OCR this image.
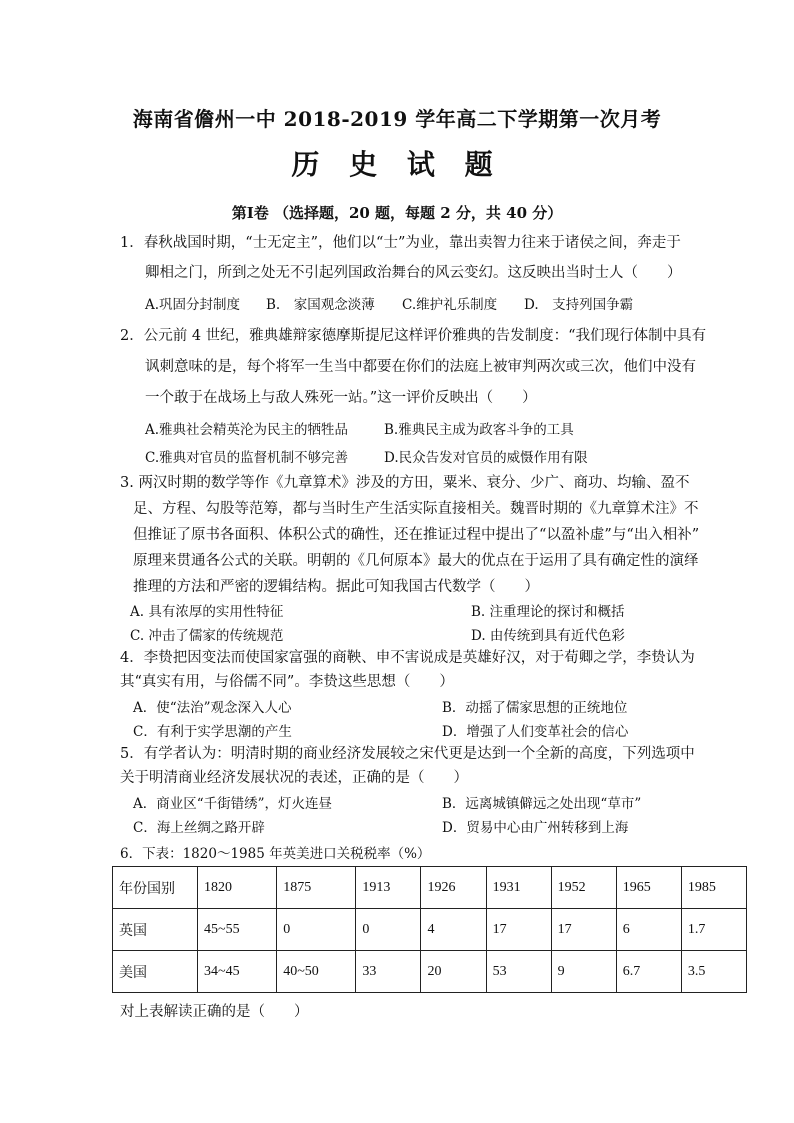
海南省儋州一中 2018-2019 学年高二下学期第一次月考
历 史 试 题
第Ⅰ卷 （选择题，20 题，每题 2 分，共 40 分）
1．春秋战国时期，“士无定主”，他们以“士”为业，靠出卖智力往来于诸侯之间，奔走于
卿相之门，所到之处无不引起列国政治舞台的风云变幻。这反映出当时士人（　　）
A.巩固分封制度 B.　家国观念淡薄 C.维护礼乐制度 D.　支持列国争霸
2．公元前 4 世纪，雅典雄辩家德摩斯提尼这样评价雅典的告发制度：“我们现行体制中具有
讽刺意味的是，每个将军一生当中都要在你们的法庭上被审判两次或三次，他们中没有
一个敢于在战场上与敌人殊死一站。”这一评价反映出（　　）
A.雅典社会精英沦为民主的牺牲品	B.雅典民主成为政客斗争的工具
C.雅典对官员的监督机制不够完善	D.民众告发对官员的威慑作用有限
3. 两汉时期的数学等作《九章算术》涉及的方田，粟米、衰分、少广、商功、均输、盈不
足、方程、勾股等范筹，都与当时生产生活实际直接相关。魏晋时期的《九章算术注》不
但推证了原书各面积、体积公式的确性，还在推证过程中提出了“以盈补虚”与“出入相补”
原理来贯通各公式的关联。明朝的《几何原本》最大的优点在于运用了具有确定性的演绎
推理的方法和严密的逻辑结构。据此可知我国古代数学（　　）
A. 具有浓厚的实用性特征	B. 注重理论的探讨和概括
C. 冲击了儒家的传统规范	D. 由传统到具有近代色彩
4．李贽把因变法而使国家富强的商鞅、申不害说成是英雄好汉，对于荀卿之学，李贽认为
其“真实有用，与俗儒不同”。李贽这些思想（　　）
A．使“法治”观念深入人心	B．动摇了儒家思想的正统地位
C．有利于实学思潮的产生	D．增强了人们变革社会的信心
5．有学者认为：明清时期的商业经济发展较之宋代更是达到一个全新的高度，下列选项中
关于明清商业经济发展状况的表述，正确的是（　　）
A．商业区“千街错绣”，灯火连昼	B．远离城镇僻远之处出现“草市”
C．海上丝绸之路开辟	D．贸易中心由广州转移到上海
6．下表：1820～1985 年英美进口关税税率（%）
年份国别	1820	1875	1913	1926	1931	1952	1965	1985
英国	45~55	0	0	4	17	17	6	1.7
美国	34~45	40~50	33	20	53	9	6.7	3.5
对上表解读正确的是（　　）
